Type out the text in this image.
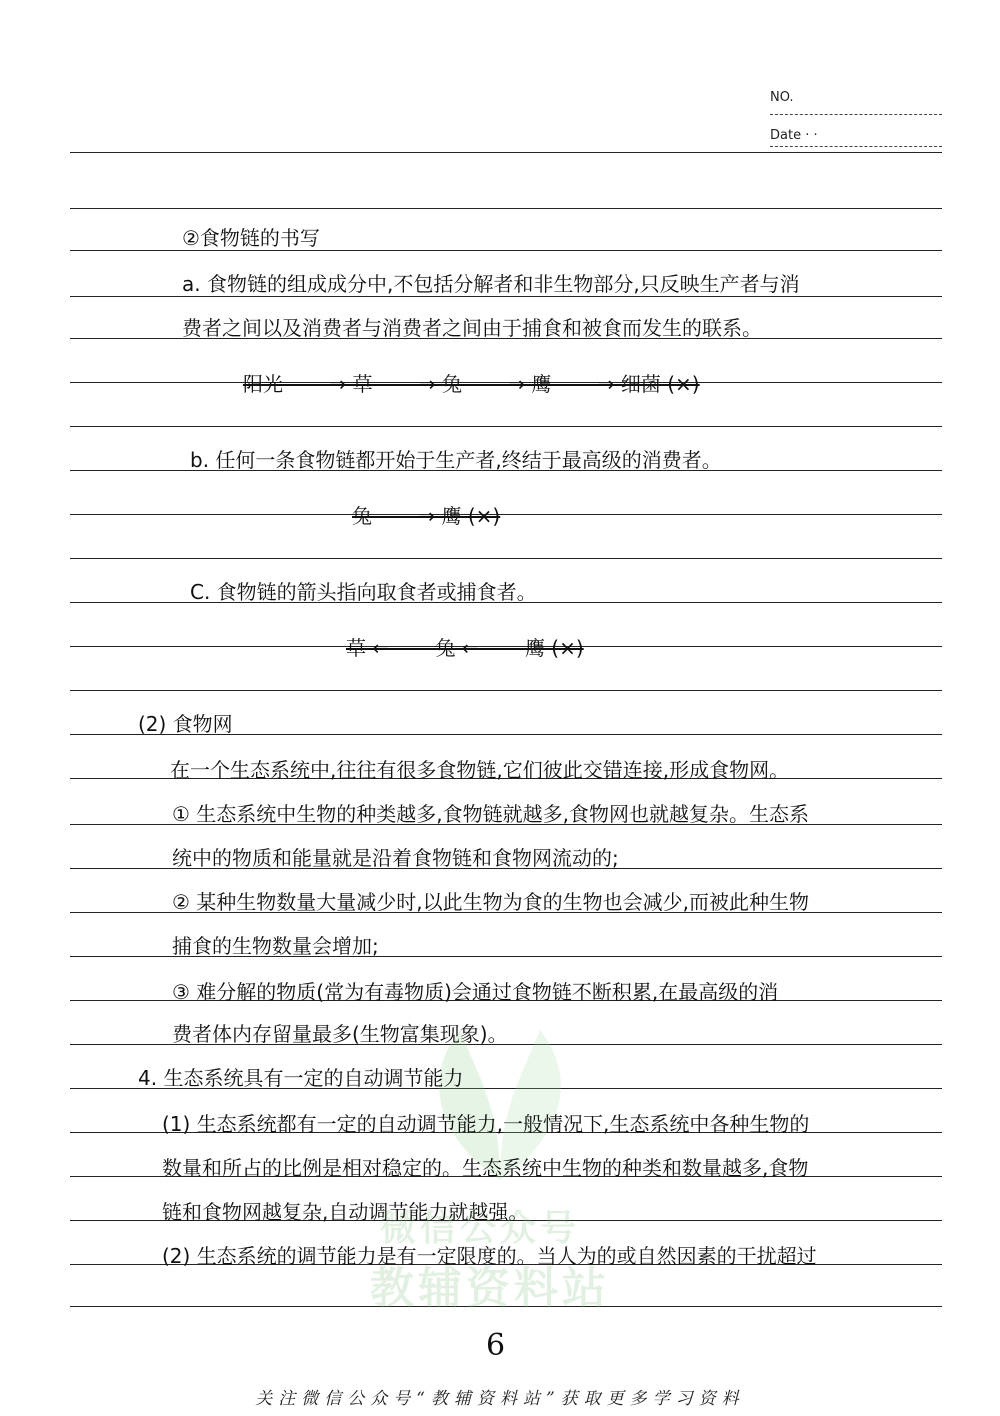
NO.
Date · ·
微信公众号
教辅资料站
②食物链的书写
a. 食物链的组成成分中,不包括分解者和非生物部分,只反映生产者与消
费者之间以及消费者与消费者之间由于捕食和被食而发生的联系。
阳光 ——→ 草 ——→ 兔 ——→ 鹰 ——→ 细菌 (×)
b. 任何一条食物链都开始于生产者,终结于最高级的消费者。
兔 ——→ 鹰 (×)
C. 食物链的箭头指向取食者或捕食者。
草 ←—— 兔 ←—— 鹰 (×)
(2) 食物网
在一个生态系统中,往往有很多食物链,它们彼此交错连接,形成食物网。
① 生态系统中生物的种类越多,食物链就越多,食物网也就越复杂。生态系
统中的物质和能量就是沿着食物链和食物网流动的;
② 某种生物数量大量减少时,以此生物为食的生物也会减少,而被此种生物
捕食的生物数量会增加;
③ 难分解的物质(常为有毒物质)会通过食物链不断积累,在最高级的消
费者体内存留量最多(生物富集现象)。
4. 生态系统具有一定的自动调节能力
(1) 生态系统都有一定的自动调节能力,一般情况下,生态系统中各种生物的
数量和所占的比例是相对稳定的。生态系统中生物的种类和数量越多,食物
链和食物网越复杂,自动调节能力就越强。
(2) 生态系统的调节能力是有一定限度的。当人为的或自然因素的干扰超过
6
关注微信公众号“教辅资料站”获取更多学习资料
